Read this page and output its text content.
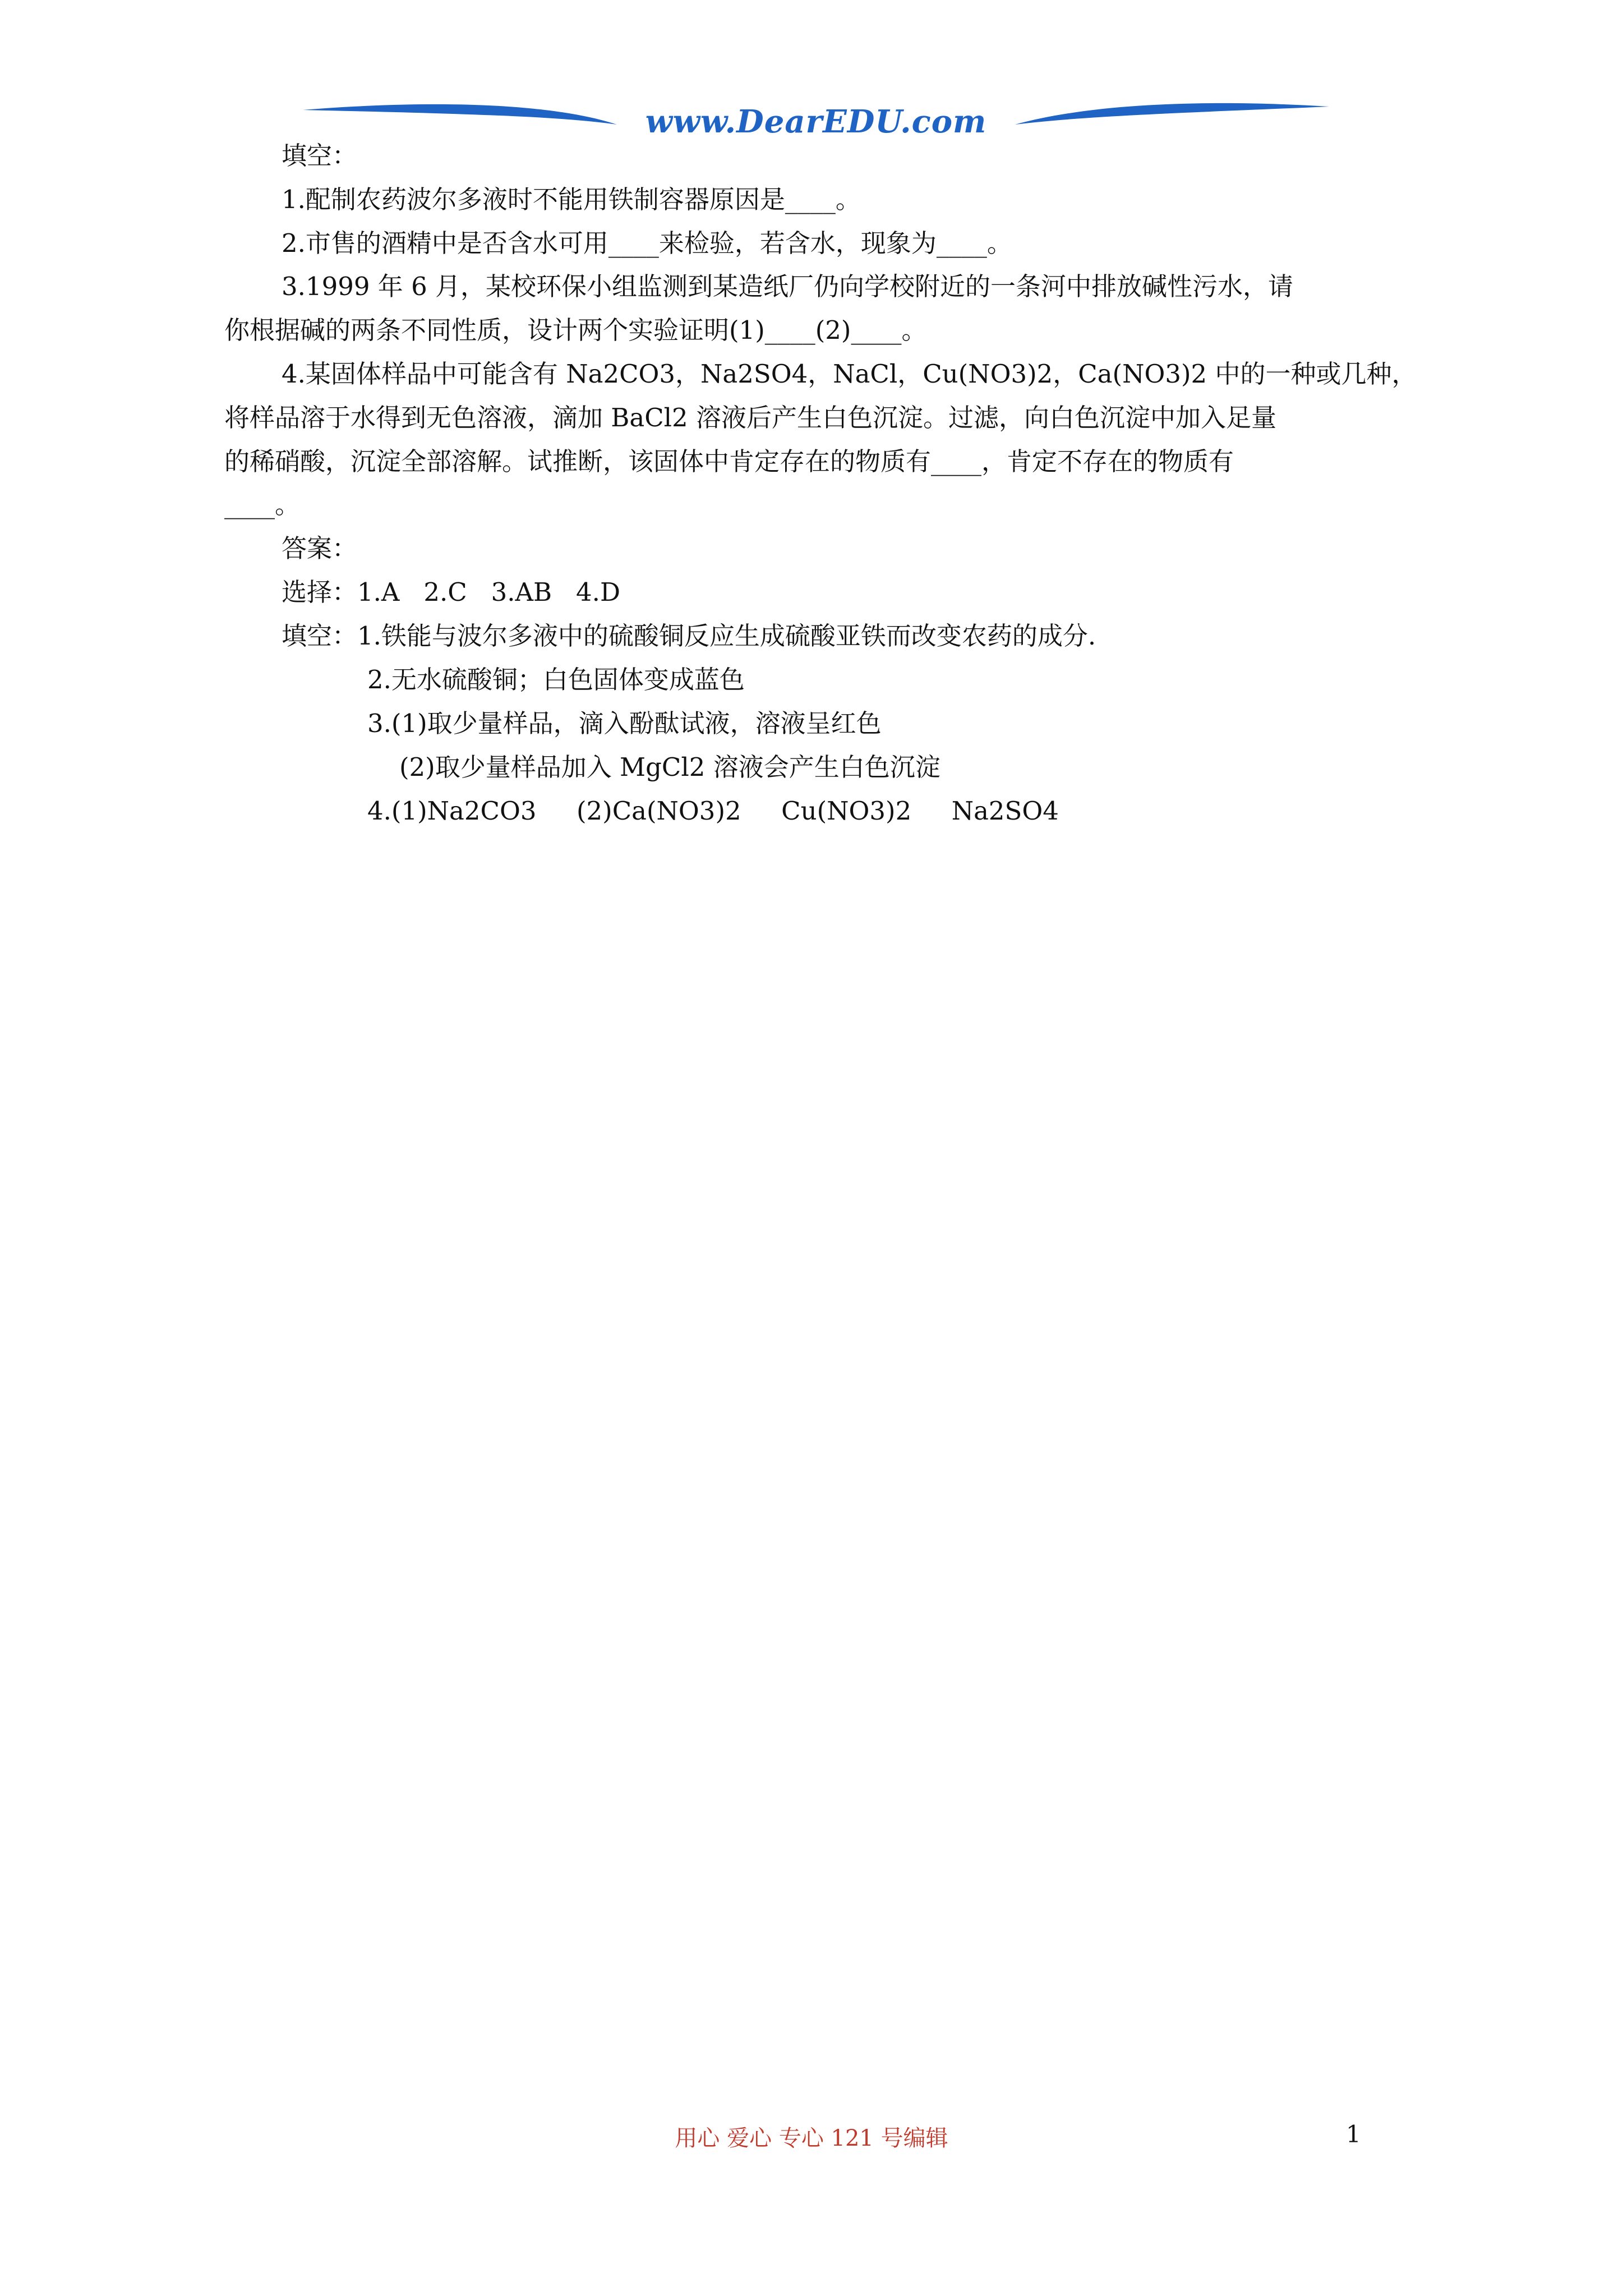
www.DearEDU.com
填空：
1.配制农药波尔多液时不能用铁制容器原因是____。
2.市售的酒精中是否含水可用____来检验，若含水，现象为____。
3.1999 年 6 月，某校环保小组监测到某造纸厂仍向学校附近的一条河中排放碱性污水，请
你根据碱的两条不同性质，设计两个实验证明(1)____(2)____。
4.某固体样品中可能含有 Na2CO3，Na2SO4，NaCl，Cu(NO3)2，Ca(NO3)2 中的一种或几种，
将样品溶于水得到无色溶液，滴加 BaCl2 溶液后产生白色沉淀。过滤，向白色沉淀中加入足量
的稀硝酸，沉淀全部溶解。试推断，该固体中肯定存在的物质有____，肯定不存在的物质有
____。
答案：
选择：1.A   2.C   3.AB   4.D
填空：1.铁能与波尔多液中的硫酸铜反应生成硫酸亚铁而改变农药的成分.
2.无水硫酸铜；白色固体变成蓝色
3.(1)取少量样品，滴入酚酞试液，溶液呈红色
(2)取少量样品加入 MgCl2 溶液会产生白色沉淀
4.(1)Na2CO3     (2)Ca(NO3)2     Cu(NO3)2     Na2SO4
用心 爱心 专心 121 号编辑	1
